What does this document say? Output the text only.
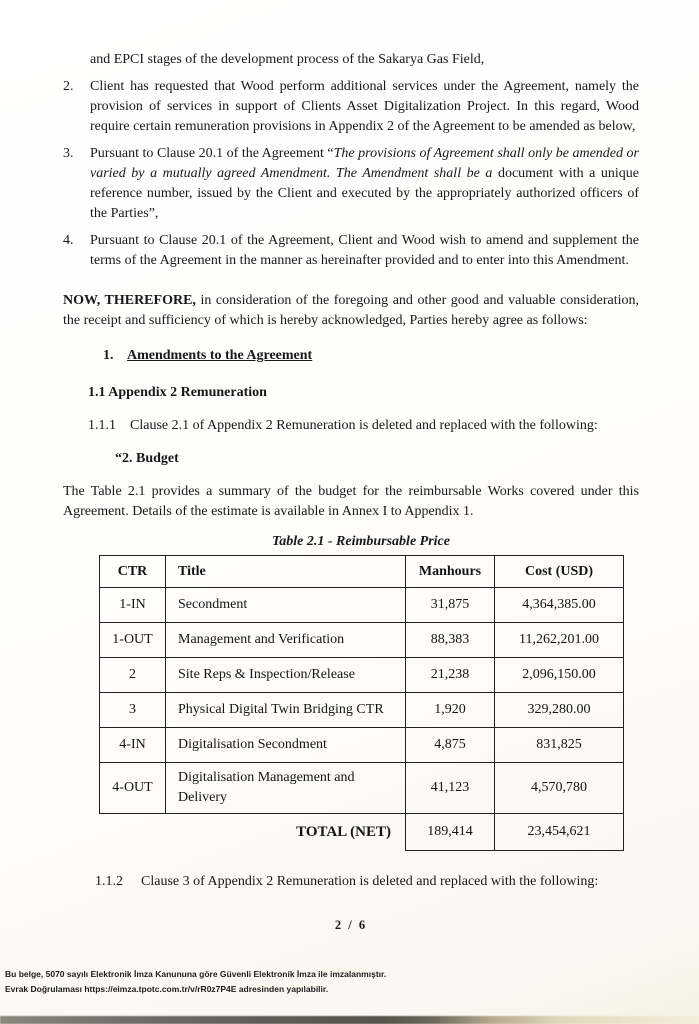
and EPCI stages of the development process of the Sakarya Gas Field,
2.	Client has requested that Wood perform additional services under the Agreement, namely the provision of services in support of Clients Asset Digitalization Project. In this regard, Wood require certain remuneration provisions in Appendix 2 of the Agreement to be amended as below,
3.	Pursuant to Clause 20.1 of the Agreement “The provisions of Agreement shall only be amended or varied by a mutually agreed Amendment. The Amendment shall be a document with a unique reference number, issued by the Client and executed by the appropriately authorized officers of the Parties”,
4.	Pursuant to Clause 20.1 of the Agreement, Client and Wood wish to amend and supplement the terms of the Agreement in the manner as hereinafter provided and to enter into this Amendment.
NOW, THEREFORE, in consideration of the foregoing and other good and valuable consideration, the receipt and sufficiency of which is hereby acknowledged, Parties hereby agree as follows:
1. Amendments to the Agreement
1.1 Appendix 2 Remuneration
1.1.1	Clause 2.1 of Appendix 2 Remuneration is deleted and replaced with the following:
“2. Budget
The Table 2.1 provides a summary of the budget for the reimbursable Works covered under this Agreement. Details of the estimate is available in Annex I to Appendix 1.
Table 2.1 - Reimbursable Price
CTR	Title	Manhours	Cost (USD)
1-IN	Secondment	31,875	4,364,385.00
1-OUT	Management and Verification	88,383	11,262,201.00
2	Site Reps & Inspection/Release	21,238	2,096,150.00
3	Physical Digital Twin Bridging CTR	1,920	329,280.00
4-IN	Digitalisation Secondment	4,875	831,825
4-OUT	Digitalisation Management and Delivery	41,123	4,570,780
TOTAL (NET)		189,414	23,454,621
1.1.2	Clause 3 of Appendix 2 Remuneration is deleted and replaced with the following:
2 / 6
Bu belge, 5070 sayılı Elektronik İmza Kanununa göre Güvenli Elektronik İmza ile imzalanmıştır.
Evrak Doğrulaması https://eimza.tpotc.com.tr/v/rR0z7P4E adresinden yapılabilir.
